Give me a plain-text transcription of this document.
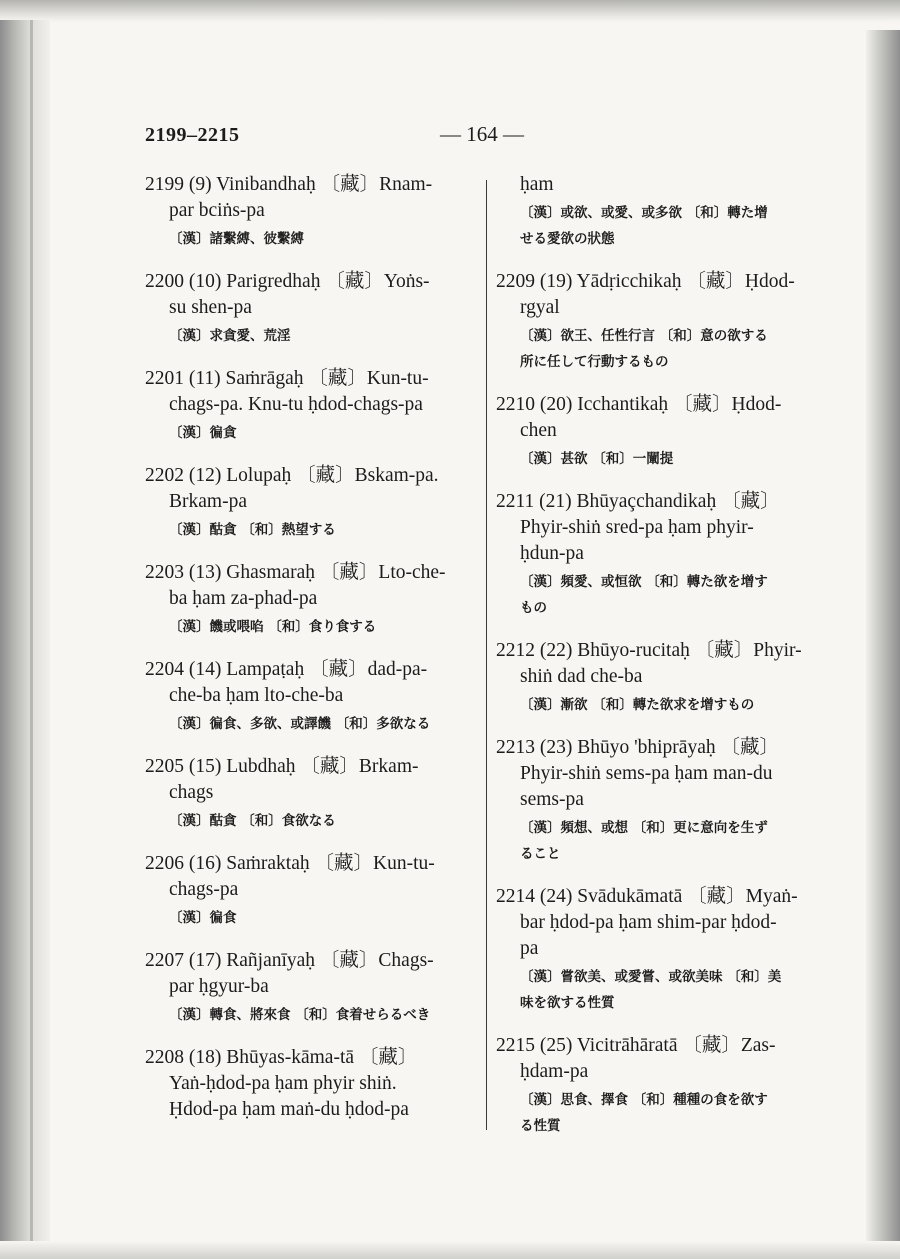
2199–2215	— 164 —
2199 (9) Vinibandhaḥ 〔藏〕Rnam-
par bciṅs-pa
〔漢〕諸繫縛、彼繫縛
2200 (10) Parigredhaḥ 〔藏〕Yoṅs-
su shen-pa
〔漢〕求貪愛、荒淫
2201 (11) Saṁrāgaḥ 〔藏〕Kun-tu-
chags-pa. Knu-tu ḥdod-chags-pa
〔漢〕徧貪
2202 (12) Lolupaḥ 〔藏〕Bskam-pa.
Brkam-pa
〔漢〕酤貪 〔和〕熱望する
2203 (13) Ghasmaraḥ 〔藏〕Lto-che-
ba ḥam za-phad-pa
〔漢〕饑或喂啗 〔和〕食り食する
2204 (14) Lampaṭaḥ 〔藏〕dad-pa-
che-ba ḥam lto-che-ba
〔漢〕徧食、多欲、或譯饑 〔和〕多欲なる
2205 (15) Lubdhaḥ 〔藏〕Brkam-
chags
〔漢〕酤貪 〔和〕食欲なる
2206 (16) Saṁraktaḥ 〔藏〕Kun-tu-
chags-pa
〔漢〕徧食
2207 (17) Rañjanīyaḥ 〔藏〕Chags-
par ḥgyur-ba
〔漢〕轉食、將來食 〔和〕食着せらるべき
2208 (18) Bhūyas-kāma-tā 〔藏〕
Yaṅ-ḥdod-pa ḥam phyir shiṅ.
Ḥdod-pa ḥam maṅ-du ḥdod-pa
ḥam
〔漢〕或欲、或愛、或多欲 〔和〕轉た增
せる愛欲の狀態
2209 (19) Yādṛicchikaḥ 〔藏〕Ḥdod-
rgyal
〔漢〕欲王、任性行言 〔和〕意の欲する
所に任して行動するもの
2210 (20) Icchantikaḥ 〔藏〕Ḥdod-
chen
〔漢〕甚欲 〔和〕一闡提
2211 (21) Bhūyaçchandikaḥ 〔藏〕
Phyir-shiṅ sred-pa ḥam phyir-
ḥdun-pa
〔漢〕頻愛、或恒欲 〔和〕轉た欲を增す
もの
2212 (22) Bhūyo-rucitaḥ 〔藏〕Phyir-
shiṅ dad che-ba
〔漢〕漸欲 〔和〕轉た欲求を增すもの
2213 (23) Bhūyo 'bhiprāyaḥ 〔藏〕
Phyir-shiṅ sems-pa ḥam man-du
sems-pa
〔漢〕頻想、或想 〔和〕更に意向を生ず
ること
2214 (24) Svādukāmatā 〔藏〕Myaṅ-
bar ḥdod-pa ḥam shim-par ḥdod-
pa
〔漢〕嘗欲美、或愛嘗、或欲美味 〔和〕美
味を欲する性質
2215 (25) Vicitrāhāratā 〔藏〕Zas-
ḥdam-pa
〔漢〕思食、擇食 〔和〕種種の食を欲す
る性質
